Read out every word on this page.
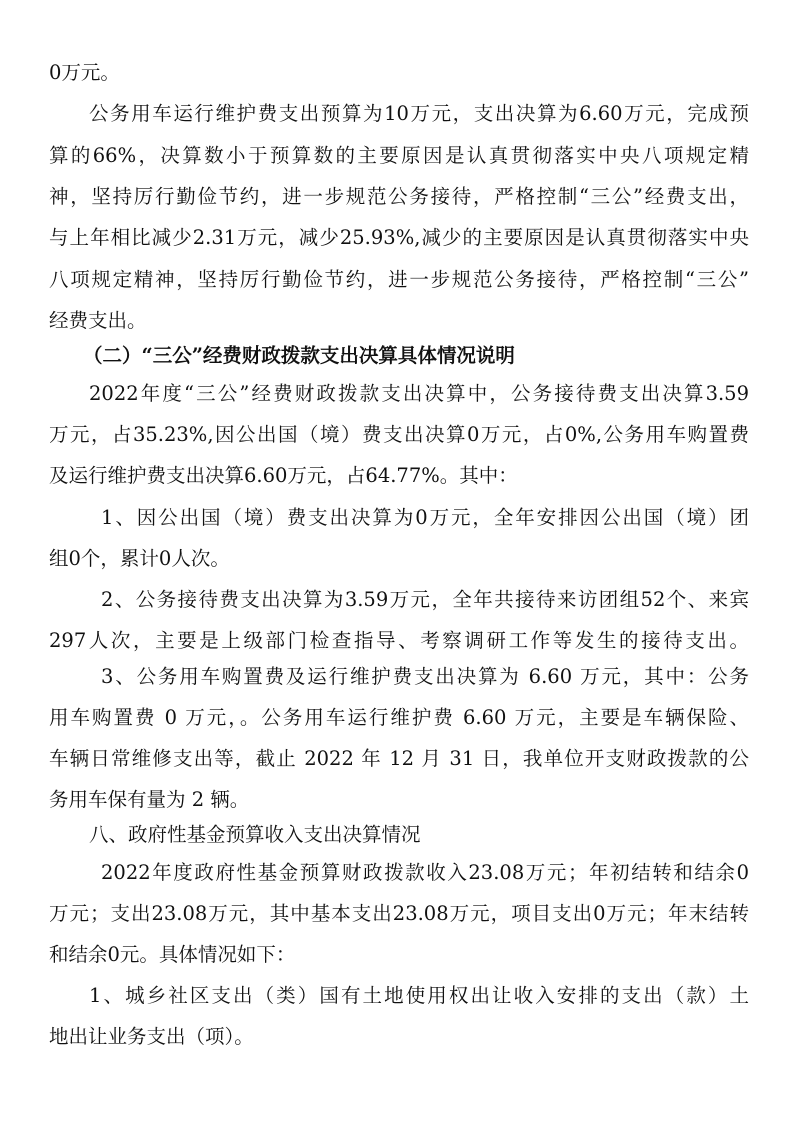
0万元。
公务用车运行维护费支出预算为10万元，支出决算为6.60万元，完成预
算的66%，决算数小于预算数的主要原因是认真贯彻落实中央八项规定精
神，坚持厉行勤俭节约，进一步规范公务接待，严格控制“三公”经费支出，
与上年相比减少2.31万元，减少25.93%,减少的主要原因是认真贯彻落实中央
八项规定精神，坚持厉行勤俭节约，进一步规范公务接待，严格控制“三公”
经费支出。
（二）“三公”经费财政拨款支出决算具体情况说明
2022年度“三公”经费财政拨款支出决算中，公务接待费支出决算3.59
万元，占35.23%,因公出国（境）费支出决算0万元，占0%,公务用车购置费
及运行维护费支出决算6.60万元，占64.77%。其中：
1、因公出国（境）费支出决算为0万元，全年安排因公出国（境）团
组0个，累计0人次。
2、公务接待费支出决算为3.59万元，全年共接待来访团组52个、来宾
297人次，主要是上级部门检查指导、考察调研工作等发生的接待支出。
3、公务用车购置费及运行维护费支出决算为 6.60 万元，其中：公务
用车购置费 0 万元，。公务用车运行维护费 6.60 万元，主要是车辆保险、
车辆日常维修支出等，截止 2022 年 12 月 31 日，我单位开支财政拨款的公
务用车保有量为 2 辆。
八、政府性基金预算收入支出决算情况
2022年度政府性基金预算财政拨款收入23.08万元；年初结转和结余0
万元；支出23.08万元，其中基本支出23.08万元，项目支出0万元；年末结转
和结余0元。具体情况如下：
1、城乡社区支出（类）国有土地使用权出让收入安排的支出（款）土
地出让业务支出（项）。
